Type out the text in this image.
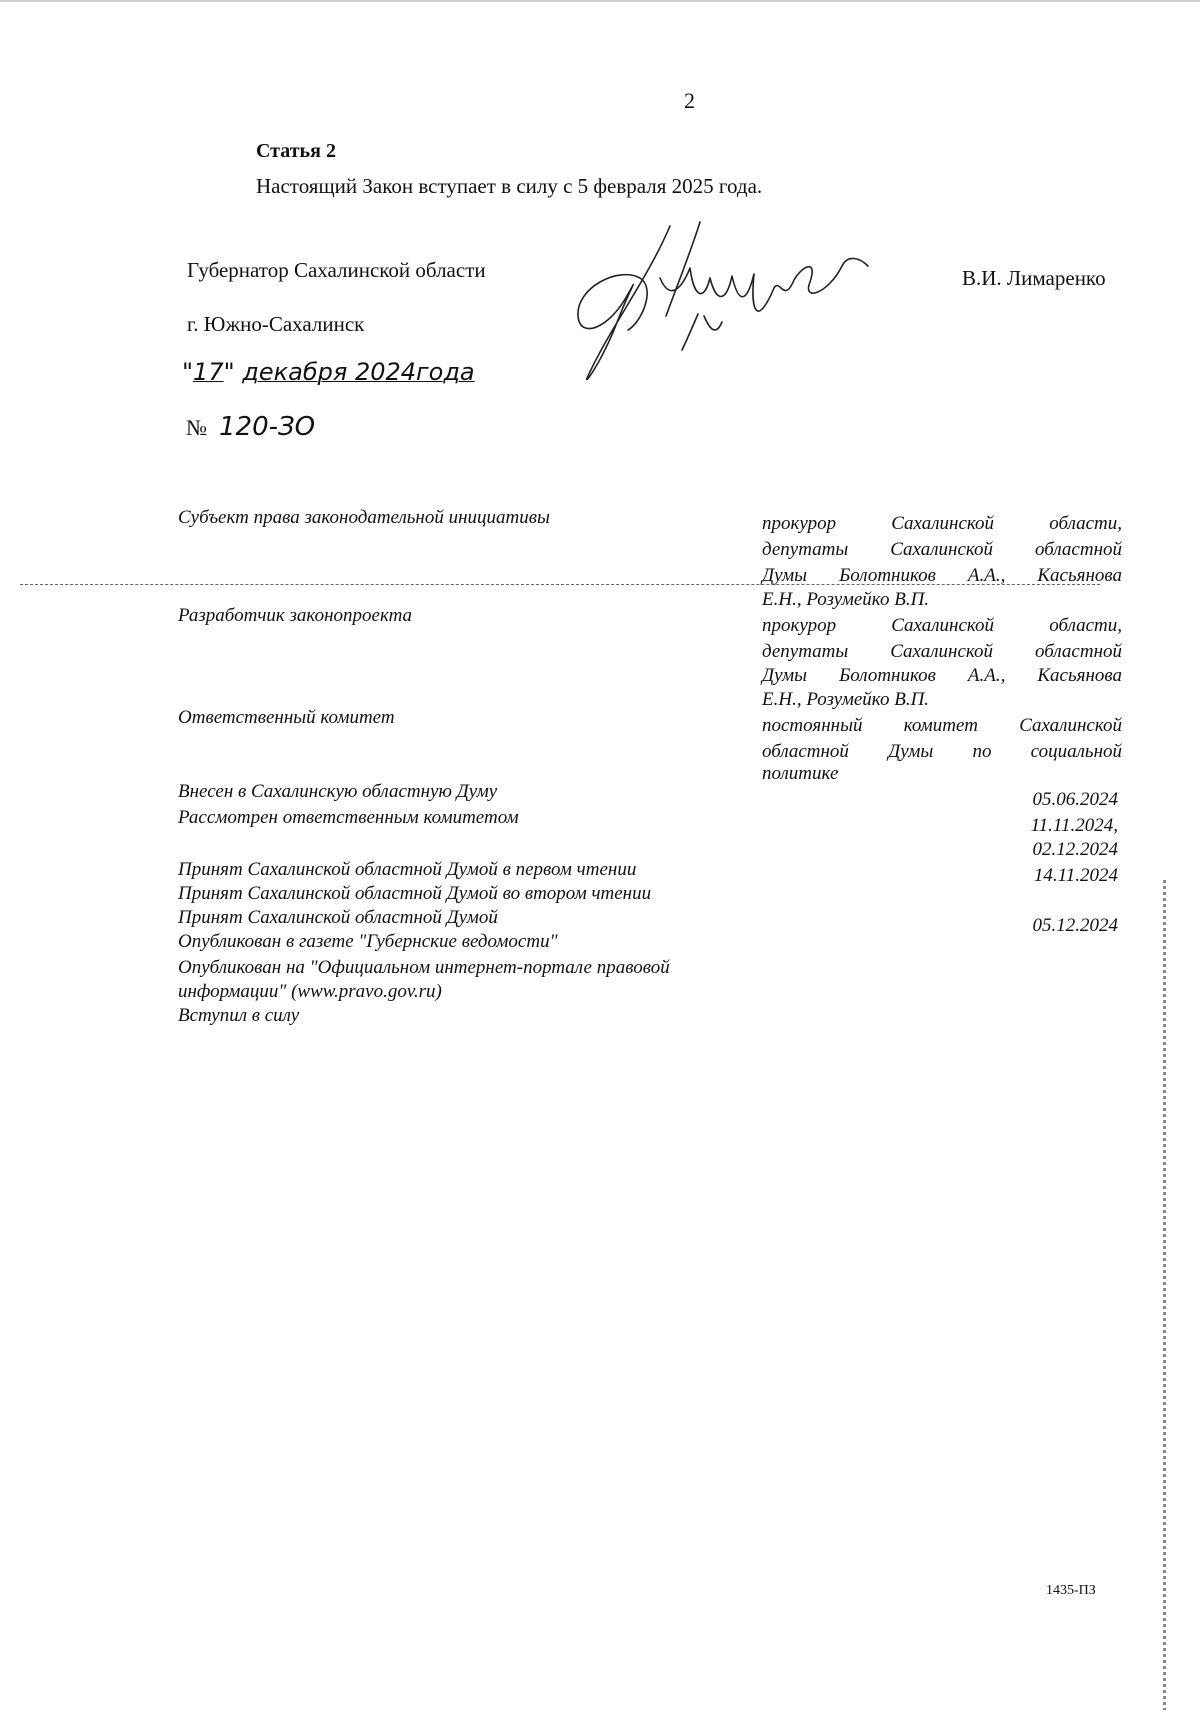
2
Статья 2
Настоящий Закон вступает в силу с 5 февраля 2025 года.
Губернатор Сахалинской области	В.И. Лимаренко
г. Южно-Сахалинск
"17" декабря 2024года
№ 120-ЗО
Субъект права законодательной инициативы	прокурор Сахалинской области,
депутаты Сахалинской областной
Думы Болотников А.А., Касьянова
Е.Н., Розумейко В.П.
Разработчик законопроекта	прокурор Сахалинской области,
депутаты Сахалинской областной
Думы Болотников А.А., Касьянова
Е.Н., Розумейко В.П.
Ответственный комитет	постоянный комитет Сахалинской
областной Думы по социальной
политике
Внесен в Сахалинскую областную Думу	05.06.2024
Рассмотрен ответственным комитетом	11.11.2024,
02.12.2024
Принят Сахалинской областной Думой в первом чтении	14.11.2024
Принят Сахалинской областной Думой во втором чтении
Принят Сахалинской областной Думой	05.12.2024
Опубликован в газете "Губернские ведомости"
Опубликован на "Официальном интернет-портале правовой
информации" (www.pravo.gov.ru)
Вступил в силу
1435-ПЗ
